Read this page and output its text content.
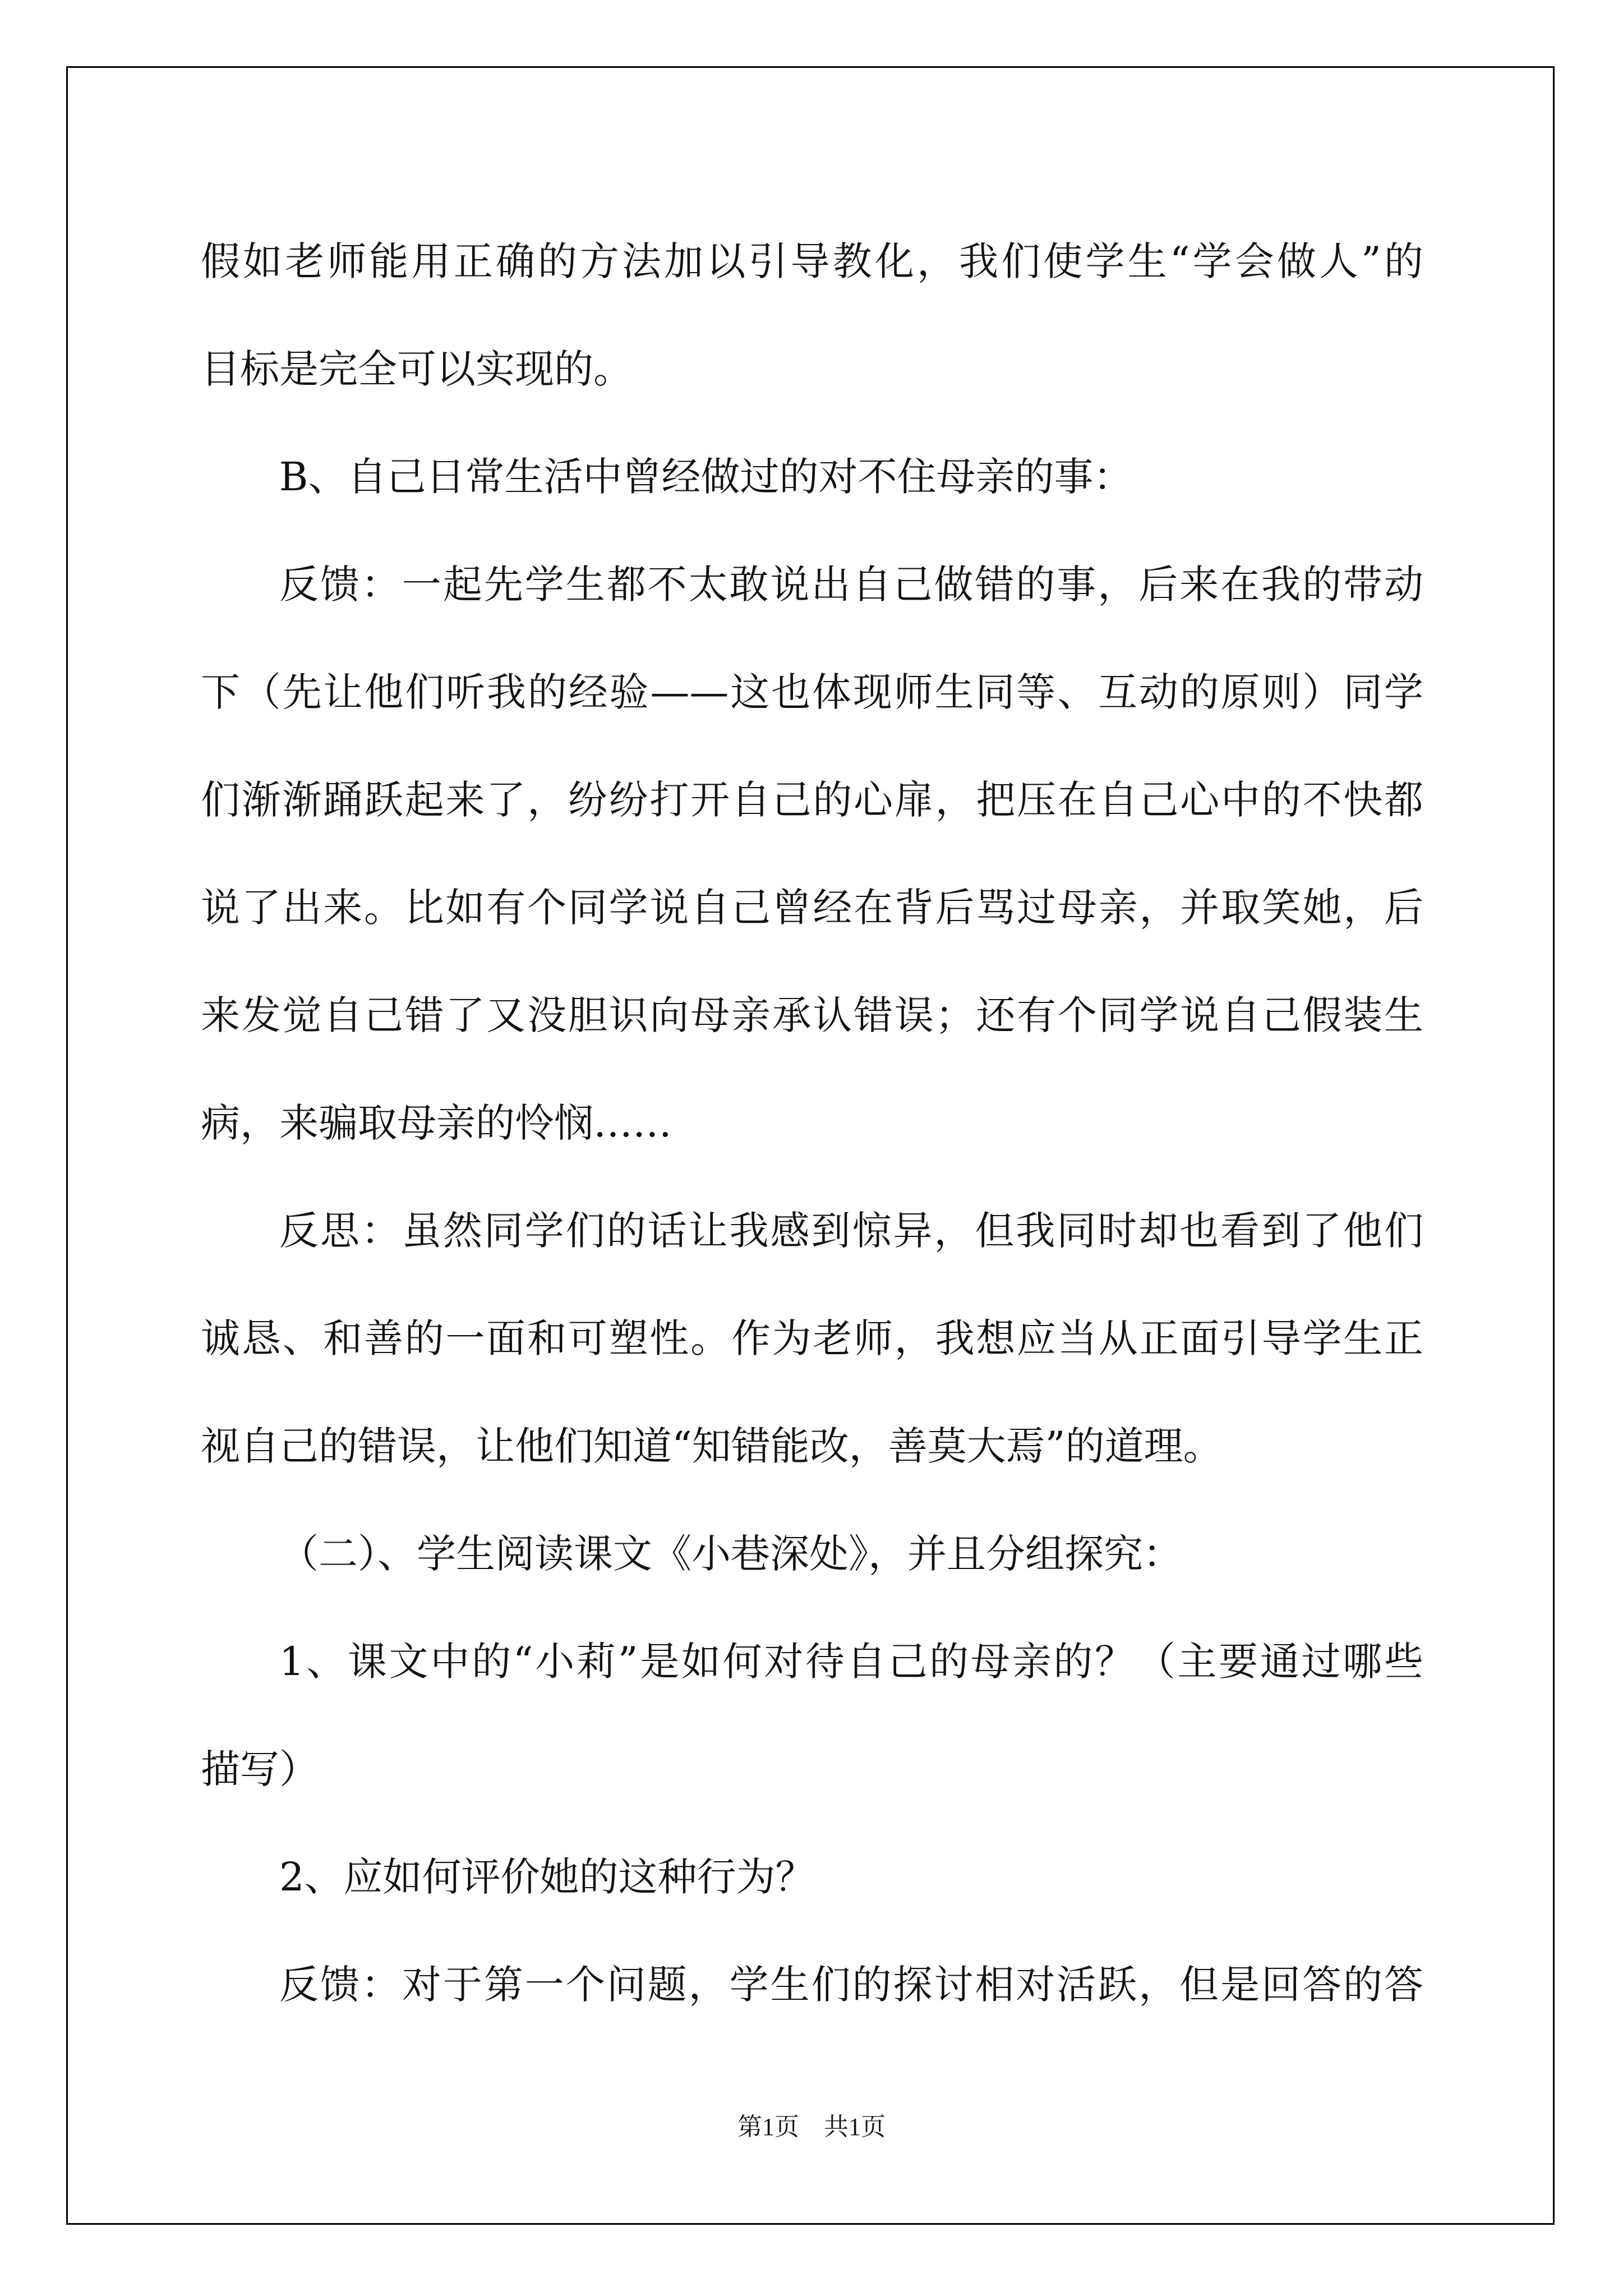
假如老师能用正确的方法加以引导教化，我们使学生“学会做人”的
目标是完全可以实现的。
B、自己日常生活中曾经做过的对不住母亲的事：
反馈：一起先学生都不太敢说出自己做错的事，后来在我的带动
下（先让他们听我的经验——这也体现师生同等、互动的原则）同学
们渐渐踊跃起来了，纷纷打开自己的心扉，把压在自己心中的不快都
说了出来。比如有个同学说自己曾经在背后骂过母亲，并取笑她，后
来发觉自己错了又没胆识向母亲承认错误；还有个同学说自己假装生
病，来骗取母亲的怜悯……
反思：虽然同学们的话让我感到惊异，但我同时却也看到了他们
诚恳、和善的一面和可塑性。作为老师，我想应当从正面引导学生正
视自己的错误，让他们知道“知错能改，善莫大焉”的道理。
（二）、学生阅读课文《小巷深处》，并且分组探究：
1、课文中的“小莉”是如何对待自己的母亲的？（主要通过哪些
描写）
2、应如何评价她的这种行为？
反馈：对于第一个问题，学生们的探讨相对活跃，但是回答的答
第1页　共1页
